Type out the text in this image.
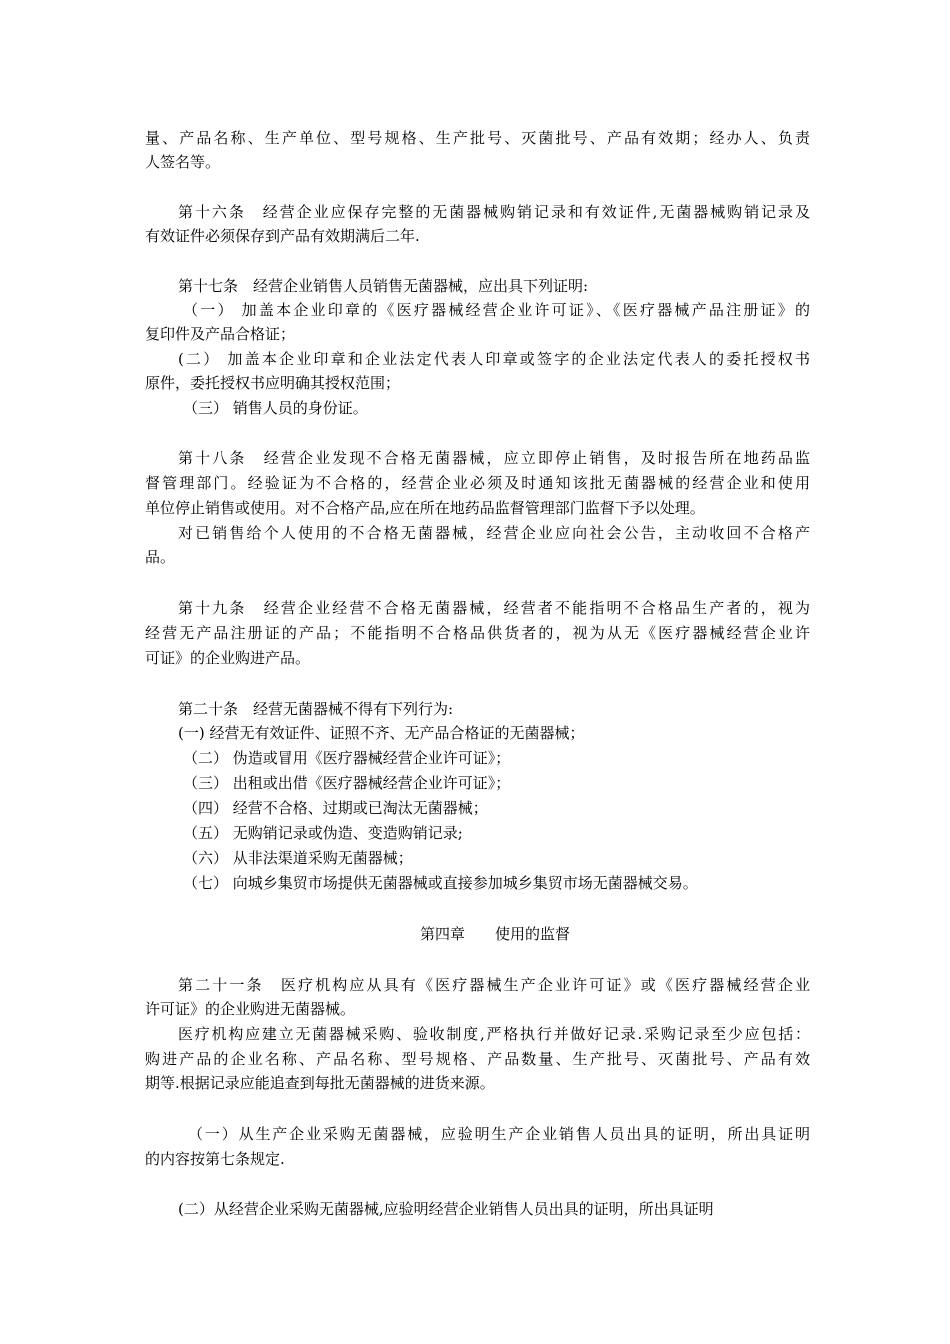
量、产品名称、生产单位、型号规格、生产批号、灭菌批号、产品有效期；经办人、负责
人签名等。
第十六条　经营企业应保存完整的无菌器械购销记录和有效证件,无菌器械购销记录及
有效证件必须保存到产品有效期满后二年.
第十七条　经营企业销售人员销售无菌器械，应出具下列证明:
（一） 加盖本企业印章的《医疗器械经营企业许可证》、《医疗器械产品注册证》的
复印件及产品合格证；
(二） 加盖本企业印章和企业法定代表人印章或签字的企业法定代表人的委托授权书
原件，委托授权书应明确其授权范围；
（三） 销售人员的身份证。
第十八条　经营企业发现不合格无菌器械，应立即停止销售，及时报告所在地药品监
督管理部门。经验证为不合格的，经营企业必须及时通知该批无菌器械的经营企业和使用
单位停止销售或使用。对不合格产品,应在所在地药品监督管理部门监督下予以处理。
对已销售给个人使用的不合格无菌器械，经营企业应向社会公告，主动收回不合格产
品。
第十九条　经营企业经营不合格无菌器械，经营者不能指明不合格品生产者的，视为
经营无产品注册证的产品；不能指明不合格品供货者的，视为从无《医疗器械经营企业许
可证》的企业购进产品。
第二十条　经营无菌器械不得有下列行为:
(一) 经营无有效证件、证照不齐、无产品合格证的无菌器械；
（二） 伪造或冒用《医疗器械经营企业许可证》；
（三） 出租或出借《医疗器械经营企业许可证》；
（四） 经营不合格、过期或已淘汰无菌器械；
（五） 无购销记录或伪造、变造购销记录;
（六） 从非法渠道采购无菌器械；
（七） 向城乡集贸市场提供无菌器械或直接参加城乡集贸市场无菌器械交易。
第四章　　使用的监督
第二十一条　医疗机构应从具有《医疗器械生产企业许可证》或《医疗器械经营企业
许可证》的企业购进无菌器械。
医疗机构应建立无菌器械采购、验收制度,严格执行并做好记录.采购记录至少应包括：
购进产品的企业名称、产品名称、型号规格、产品数量、生产批号、灭菌批号、产品有效
期等.根据记录应能追查到每批无菌器械的进货来源。
（一）从生产企业采购无菌器械，应验明生产企业销售人员出具的证明，所出具证明
的内容按第七条规定.
(二）从经营企业采购无菌器械,应验明经营企业销售人员出具的证明，所出具证明
